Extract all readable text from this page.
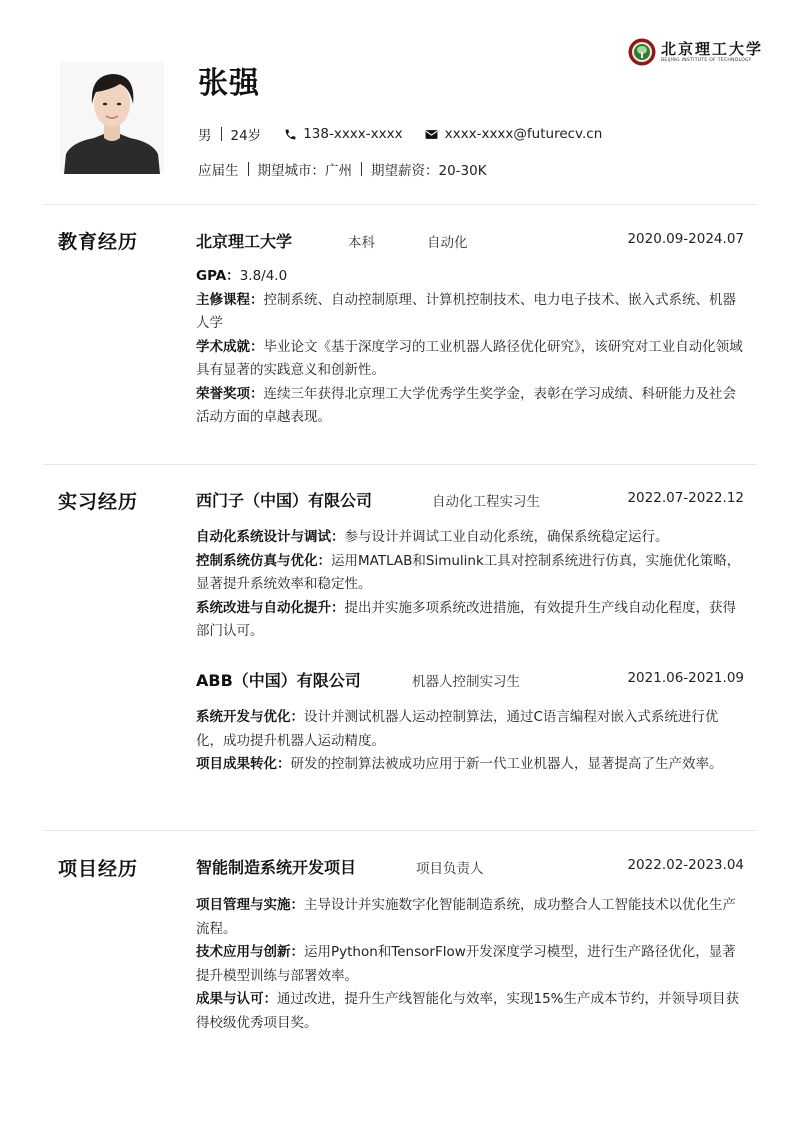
张强
男 24岁	138-xxxx-xxxx	xxxx-xxxx@futurecv.cn
应届生 期望城市：广州 期望薪资：20-30K
北京理工大学
BEIJING INSTITUTE OF TECHNOLOGY
教育经历	北京理工大学	本科	自动化	2020.09-2024.07

GPA：3.8/4.0

主修课程：控制系统、自动控制原理、计算机控制技术、电力电子技术、嵌入式系统、机器人学

学术成就：毕业论文《基于深度学习的工业机器人路径优化研究》，该研究对工业自动化领域具有显著的实践意义和创新性。

荣誉奖项：连续三年获得北京理工大学优秀学生奖学金，表彰在学习成绩、科研能力及社会活动方面的卓越表现。

实习经历	西门子（中国）有限公司	自动化工程实习生	2022.07-2022.12

自动化系统设计与调试：参与设计并调试工业自动化系统，确保系统稳定运行。

控制系统仿真与优化：运用MATLAB和Simulink工具对控制系统进行仿真，实施优化策略，显著提升系统效率和稳定性。

系统改进与自动化提升：提出并实施多项系统改进措施，有效提升生产线自动化程度，获得部门认可。

ABB（中国）有限公司	机器人控制实习生	2021.06-2021.09

系统开发与优化：设计并测试机器人运动控制算法，通过C语言编程对嵌入式系统进行优化，成功提升机器人运动精度。

项目成果转化：研发的控制算法被成功应用于新一代工业机器人，显著提高了生产效率。

项目经历	智能制造系统开发项目	项目负责人	2022.02-2023.04

项目管理与实施：主导设计并实施数字化智能制造系统，成功整合人工智能技术以优化生产流程。

技术应用与创新：运用Python和TensorFlow开发深度学习模型，进行生产路径优化，显著提升模型训练与部署效率。

成果与认可：通过改进，提升生产线智能化与效率，实现15%生产成本节约，并领导项目获得校级优秀项目奖。
